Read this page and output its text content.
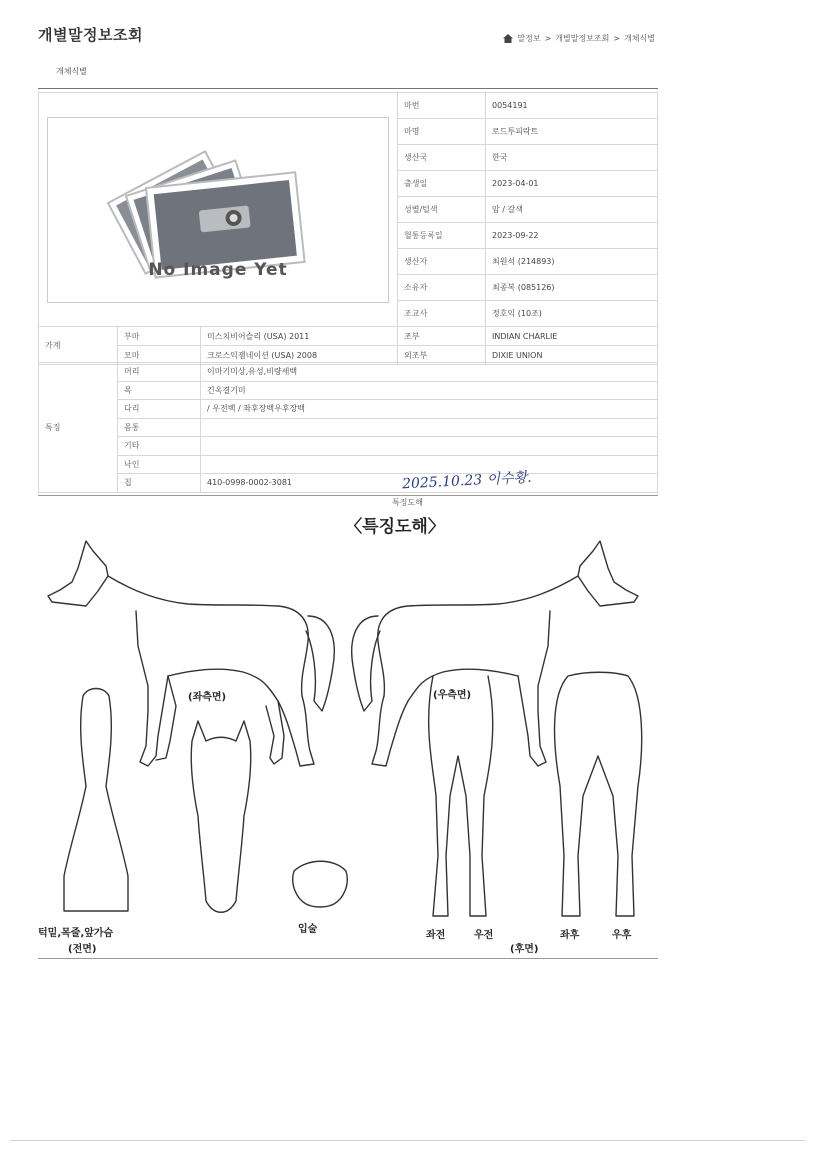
개별말정보조회	말정보 > 개별말정보조회 > 개체식별
개체식별
No Image Yet	마번	0054191
	마명	로드투피락트
	생산국	한국
	출생일	2023-04-01
	성별/털색	암 / 갈색
	혈통등록일	2023-09-22
	생산자	최원석 (214893)
	소유자	최종복 (085126)
	조교사	정호익 (10조)
가계	부마	미스치비어슬리 (USA) 2011	조부	INDIAN CHARLIE
	모마	크로스익잼네이션 (USA) 2008	외조부	DIXIE UNION
특징	머리	이마기미상,유성,비량세백
	목	긴옥결기미
	다리	/ 우전백 / 좌후장백우후장백
	몸통	
	기타	
	낙인	
	칩	410-0998-0002-3081	2025.10.23 이수황.
(좌측면)	(우측면)
턱밑,목줄,앞가슴
(전면)
입술
좌전	우전
(후면)
좌후	우후
특징도해
〈특징도해〉
